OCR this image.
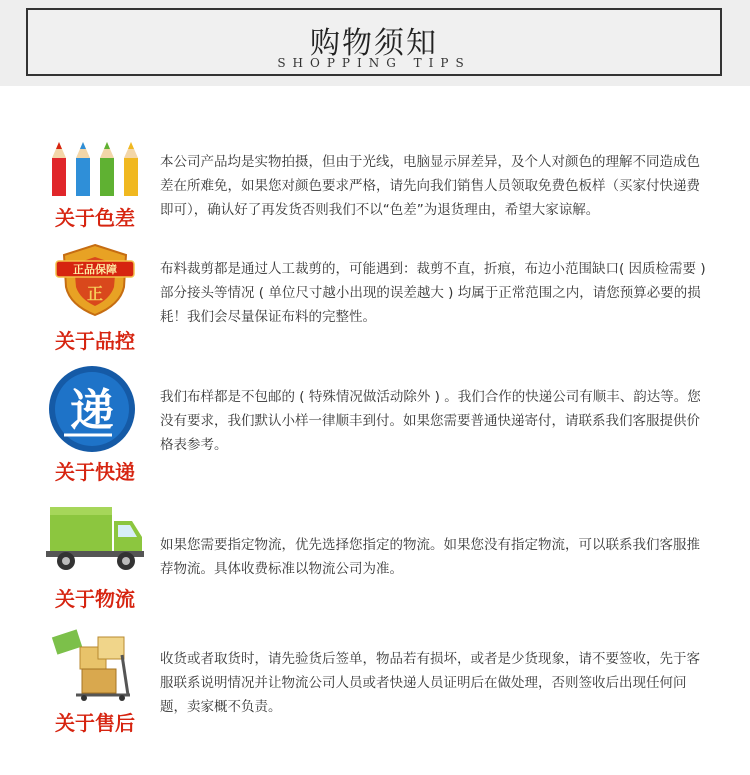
购物须知
SHOPPING TIPS
关于色差

本公司产品均是实物拍摄，但由于光线，电脑显示屏差异，及个人对颜色的理解不同造成色差在所难免，如果您对颜色要求严格，请先向我们销售人员领取免费色板样（买家付快递费即可），确认好了再发货否则我们不以“色差”为退货理由，希望大家谅解。

正品保障
正
关于品控

布料裁剪都是通过人工裁剪的，可能遇到：裁剪不直，折痕，布边小范围缺口( 因质检需要 ) 部分接头等情况 ( 单位尺寸越小出现的误差越大 ) 均属于正常范围之内，请您预算必要的损耗！我们会尽量保证布料的完整性。

递
关于快递

我们布样都是不包邮的 ( 特殊情况做活动除外 ) 。我们合作的快递公司有顺丰、韵达等。您没有要求，我们默认小样一律顺丰到付。如果您需要普通快递寄付，请联系我们客服提供价格表参考。

关于物流

如果您需要指定物流，优先选择您指定的物流。如果您没有指定物流，可以联系我们客服推荐物流。具体收费标准以物流公司为准。

关于售后

收货或者取货时，请先验货后签单，物品若有损坏，或者是少货现象，请不要签收，先于客服联系说明情况并让物流公司人员或者快递人员证明后在做处理，否则签收后出现任何问题，卖家概不负责。
